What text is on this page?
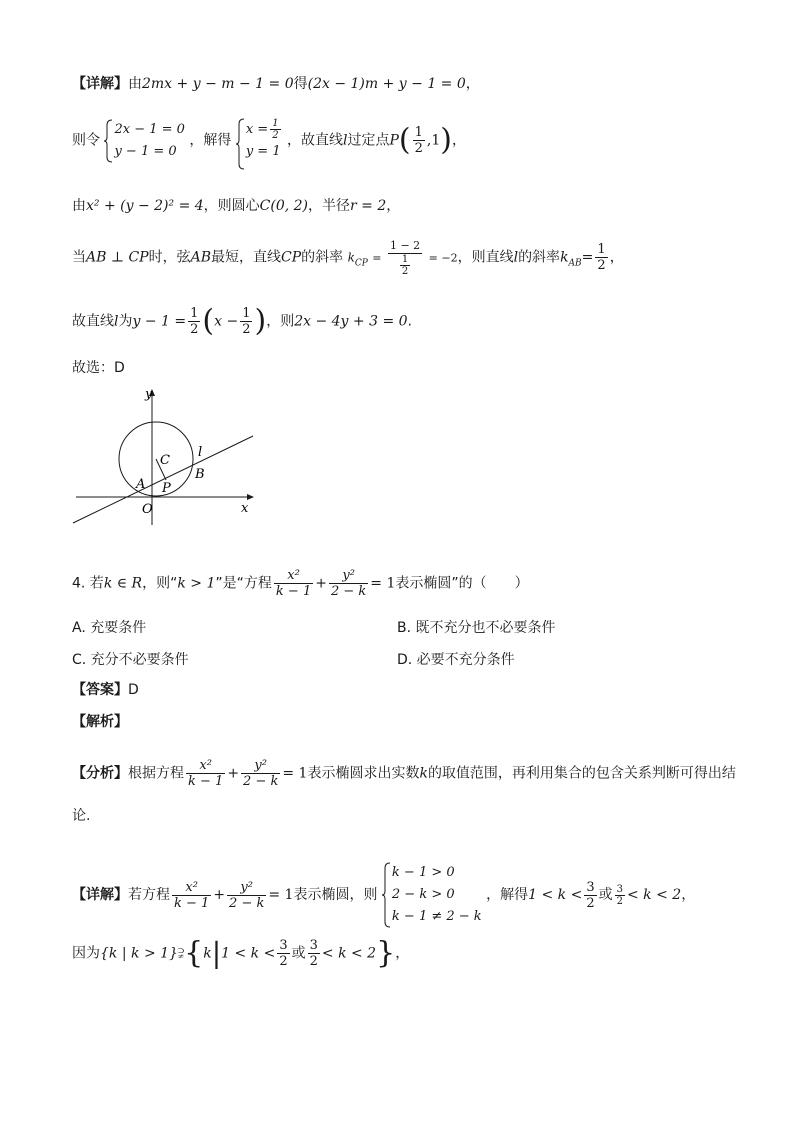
【详解】由2mx + y − m − 1 = 0得(2x − 1)m + y − 1 = 0，
则令
2x − 1 = 0
y − 1 = 0
，解得
$x = \frac{1}{2}$
y = 1
，故直线l过定点$P( \frac{1}{2} ,1)$，
由x² + (y − 2)² = 4，则圆心C(0, 2)，半径r = 2，
当AB ⊥ CP时，弦AB最短，直线CP的斜率 $k_{CP} = \frac{1 - 2}{\frac{1}{2}} = -2$，则直线l的斜率$k_{AB}= \frac{1}{2}$ ，
故直线l为$y - 1 = \frac{1}{2} (x - \frac{1}{2}$ )，则2x − 4y + 3 = 0.
故选：D
y
x
O
C
A P
B
l
4. 若k ∈ R，则“k > 1”是“方程 $\frac{\text{x²}}{k - 1} + \frac{\text{y²}}{2 - k} = 1$表示椭圆”的（　　）
A. 充要条件	B. 既不充分也不必要条件
C. 充分不必要条件	D. 必要不充分条件
【答案】D
【解析】
【分析】根据方程 $\frac{\text{x²}}{k - 1} + \frac{\text{y²}}{2 - k} = 1$表示椭圆求出实数k的取值范围，再利用集合的包含关系判断可得出结
论.
【详解】若方程 $\frac{\text{x²}}{k - 1} + \frac{\text{y²}}{2 - k} = 1$表示椭圆，则
k − 1 > 0
2 − k > 0
k − 1 ≠ 2 − k
，解得$1 < k < \frac{3}{2}$ 或 $\frac{3}{2} < k < 2$，
因为{k | k > 1}⫌{k|1 < $k < \frac{3}{2}$ 或 $\frac{3}{2} < k < 2$}，
